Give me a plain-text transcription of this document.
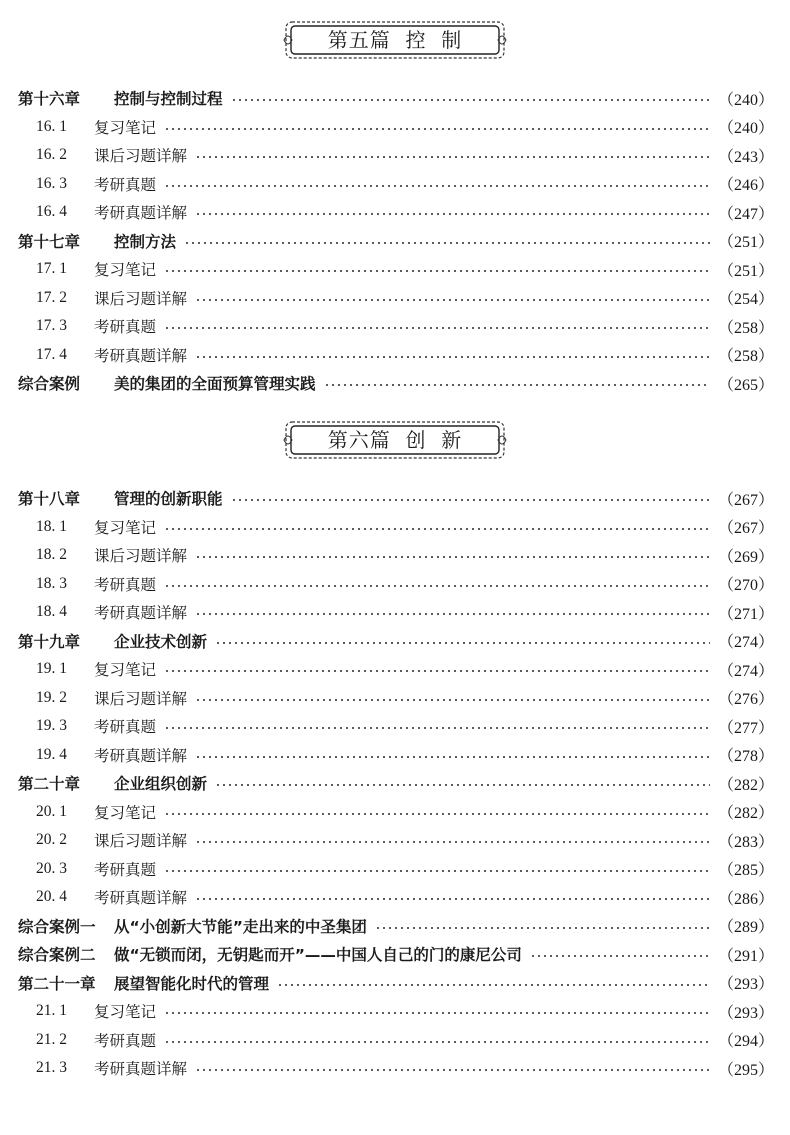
第五篇  控  制
第六篇  创  新
第十六章	控制与控制过程	（240）
16. 1	复习笔记	（240）
16. 2	课后习题详解	（243）
16. 3	考研真题	（246）
16. 4	考研真题详解	（247）
第十七章	控制方法	（251）
17. 1	复习笔记	（251）
17. 2	课后习题详解	（254）
17. 3	考研真题	（258）
17. 4	考研真题详解	（258）
综合案例	美的集团的全面预算管理实践	（265）
第十八章	管理的创新职能	（267）
18. 1	复习笔记	（267）
18. 2	课后习题详解	（269）
18. 3	考研真题	（270）
18. 4	考研真题详解	（271）
第十九章	企业技术创新	（274）
19. 1	复习笔记	（274）
19. 2	课后习题详解	（276）
19. 3	考研真题	（277）
19. 4	考研真题详解	（278）
第二十章	企业组织创新	（282）
20. 1	复习笔记	（282）
20. 2	课后习题详解	（283）
20. 3	考研真题	（285）
20. 4	考研真题详解	（286）
综合案例一	从“小创新大节能”走出来的中圣集团	（289）
综合案例二	做“无锁而闭，无钥匙而开”——中国人自己的门的康尼公司	（291）
第二十一章	展望智能化时代的管理	（293）
21. 1	复习笔记	（293）
21. 2	考研真题	（294）
21. 3	考研真题详解	（295）
